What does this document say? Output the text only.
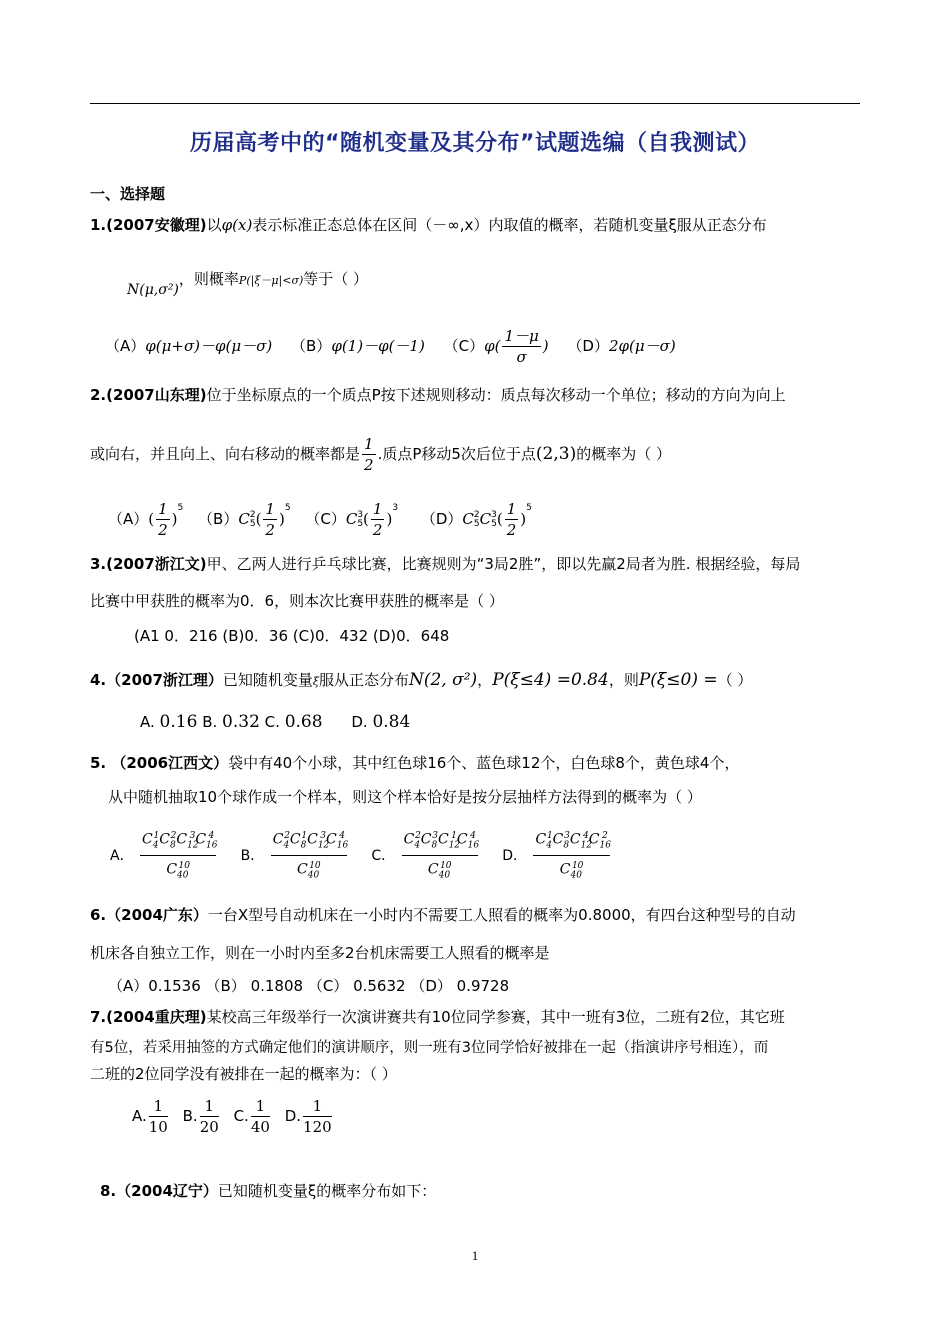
历届高考中的“随机变量及其分布”试题选编（自我测试）
一、选择题
1.(2007安徽理)以φ(x)表示标准正态总体在区间（－∞,x）内取值的概率，若随机变量ξ服从正态分布
N(μ,σ²)，则概率P(|ξ－μ|<σ)等于（ ）
（A）φ(μ+σ)－φ(μ－σ) （B）φ(1)－φ(－1) $(C)\varphi( \frac{1-\mu}{\sigma}$ ) （D）2φ(μ－σ)
2.(2007山东理)位于坐标原点的一个质点P按下述规则移动：质点每次移动一个单位；移动的方向为向上
或向右，并且向上、向右移动的概率都是 $\frac{1}{2}$ .质点P移动5次后位于点(2,3)的概率为（ ）
$(A)( \frac{1}{2} )^5$ （B）C 2
5 ( $\frac{1}{2} )^5$ （C）C 3
5 ( $\frac{1}{2} )^3$ （D）C 2
5 C 3
5 ( $\frac{1}{2} )^5$
3.(2007浙江文)甲、乙两人进行乒乓球比赛，比赛规则为“3局2胜”，即以先赢2局者为胜. 根据经验，每局
比赛中甲获胜的概率为0．6，则本次比赛甲获胜的概率是（ ）
(A1 0．216 (B)0．36 (C)0．432 (D)0．648
4.（2007浙江理）已知随机变量ξ服从正态分布N(2, σ²)，P(ξ≤4) =0.84，则P(ξ≤0) =（ ）
A. 0.16 B. 0.32 C. 0.68 D. 0.84
5. （2006江西文）袋中有40个小球，其中红色球16个、蓝色球12个，白色球8个，黄色球4个，
从中随机抽取10个球作成一个样本，则这个样本恰好是按分层抽样方法得到的概率为（ ）
A． $\frac{C_4^1C_8^2C_{12}^3C_{16}^4}{C_{40}^{10}}$ B． $\frac{C_4^2C_8^1C_{12}^3C_{16}^4}{C_{40}^{10}}$ C． $\frac{C_4^2C_8^3C_{12}^1C_{16}^4}{C_{40}^{10}}$ D． $\frac{C_4^1C_8^3C_{12}^4C_{16}^2}{C_{40}^{10}}$
6.（2004广东）一台X型号自动机床在一小时内不需要工人照看的概率为0.8000，有四台这种型号的自动
机床各自独立工作，则在一小时内至多2台机床需要工人照看的概率是
（A）0.1536 （B） 0.1808 （C） 0.5632 （D） 0.9728
7.(2004重庆理)某校高三年级举行一次演讲赛共有10位同学参赛，其中一班有3位，二班有2位，其它班
有5位，若采用抽签的方式确定他们的演讲顺序，则一班有3位同学恰好被排在一起（指演讲序号相连），而
二班的2位同学没有被排在一起的概率为：（ ）
A. $\frac{1}{10} B$. $\frac{1}{20} C$. $\frac{1}{40} D$. $\frac{1}{120}$
8.（2004辽宁）已知随机变量ξ的概率分布如下：
1
